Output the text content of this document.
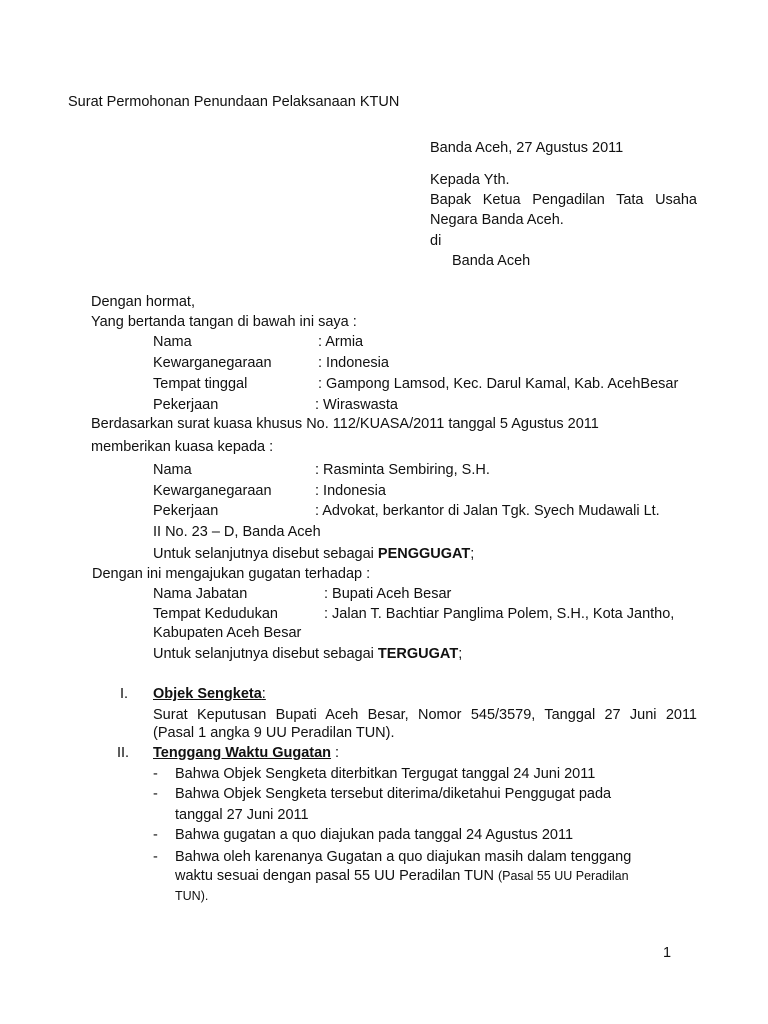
Surat Permohonan Penundaan Pelaksanaan KTUN
Banda Aceh, 27 Agustus 2011
Kepada Yth.
Bapak Ketua Pengadilan Tata Usaha
Negara Banda Aceh.
di
Banda Aceh
Dengan hormat,
Yang bertanda tangan di bawah ini saya :
Nama	: Armia
Kewarganegaraan	: Indonesia
Tempat tinggal	: Gampong Lamsod, Kec. Darul Kamal, Kab. AcehBesar
Pekerjaan	: Wiraswasta
Berdasarkan surat kuasa khusus No. 112/KUASA/2011 tanggal 5 Agustus 2011
memberikan kuasa kepada :
Nama	: Rasminta Sembiring, S.H.
Kewarganegaraan	: Indonesia
Pekerjaan	: Advokat, berkantor di Jalan Tgk. Syech Mudawali Lt.
II No. 23 – D, Banda Aceh
Untuk selanjutnya disebut sebagai PENGGUGAT;
Dengan ini mengajukan gugatan terhadap :
Nama Jabatan	: Bupati Aceh Besar
Tempat Kedudukan	: Jalan T. Bachtiar Panglima Polem, S.H., Kota Jantho,
Kabupaten Aceh Besar
Untuk selanjutnya disebut sebagai TERGUGAT;
I. Objek Sengketa:
Surat Keputusan Bupati Aceh Besar, Nomor 545/3579, Tanggal 27 Juni 2011
(Pasal 1 angka 9 UU Peradilan TUN).
II. Tenggang Waktu Gugatan :
- Bahwa Objek Sengketa diterbitkan Tergugat tanggal 24 Juni 2011
- Bahwa Objek Sengketa tersebut diterima/diketahui Penggugat pada
tanggal 27 Juni 2011
- Bahwa gugatan a quo diajukan pada tanggal 24 Agustus 2011
- Bahwa oleh karenanya Gugatan a quo diajukan masih dalam tenggang
waktu sesuai dengan pasal 55 UU Peradilan TUN (Pasal 55 UU Peradilan
TUN).
1
